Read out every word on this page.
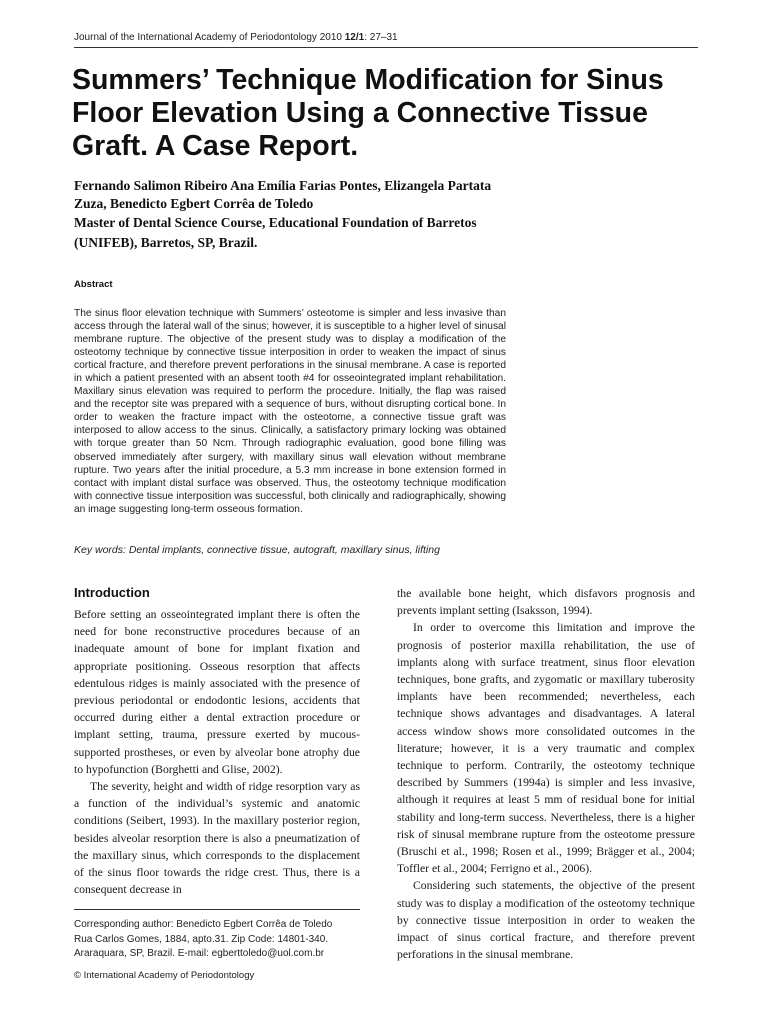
Journal of the International Academy of Periodontology 2010 12/1: 27–31
Summers’ Technique Modification for Sinus Floor Elevation Using a Connective Tissue Graft. A Case Report.
Fernando Salimon Ribeiro Ana Emília Farias Pontes, Elizangela Partata Zuza, Benedicto Egbert Corrêa de Toledo
Master of Dental Science Course, Educational Foundation of Barretos (UNIFEB), Barretos, SP, Brazil.
Abstract

The sinus floor elevation technique with Summers’ osteotome is simpler and less invasive than access through the lateral wall of the sinus; however, it is susceptible to a higher level of sinusal membrane rupture. The objective of the present study was to display a modification of the osteotomy technique by connective tissue interposition in order to weaken the impact of sinus cortical fracture, and therefore prevent perforations in the sinusal membrane. A case is reported in which a patient presented with an absent tooth #4 for osseointegrated implant rehabilitation. Maxillary sinus elevation was required to perform the procedure. Initially, the flap was raised and the receptor site was prepared with a sequence of burs, without disrupting cortical bone. In order to weaken the fracture impact with the osteotome, a connective tissue graft was interposed to allow access to the sinus. Clinically, a satisfactory primary locking was obtained with torque greater than 50 Ncm. Through radiographic evaluation, good bone filling was observed immediately after surgery, with maxillary sinus wall elevation without membrane rupture. Two years after the initial procedure, a 5.3 mm increase in bone extension formed in contact with implant distal surface was observed. Thus, the osteotomy technique modification with connective tissue interposition was successful, both clinically and radiographically, showing an image suggesting long-term osseous formation.

Key words: Dental implants, connective tissue, autograft, maxillary sinus, lifting
Introduction

Before setting an osseointegrated implant there is often the need for bone reconstructive procedures because of an inadequate amount of bone for implant fixation and appropriate positioning. Osseous resorption that affects edentulous ridges is mainly associated with the presence of previous periodontal or endodontic lesions, accidents that occurred during either a dental extraction procedure or implant setting, trauma, pressure exerted by mucous-supported prostheses, or even by alveolar bone atrophy due to hypofunction (Borghetti and Glise, 2002).

The severity, height and width of ridge resorption vary as a function of the individual’s systemic and anatomic conditions (Seibert, 1993). In the maxillary posterior region, besides alveolar resorption there is also a pneumatization of the maxillary sinus, which corresponds to the displacement of the sinus floor towards the ridge crest. Thus, there is a consequent decrease in

the available bone height, which disfavors prognosis and prevents implant setting (Isaksson, 1994).

In order to overcome this limitation and improve the prognosis of posterior maxilla rehabilitation, the use of implants along with surface treatment, sinus floor elevation techniques, bone grafts, and zygomatic or maxillary tuberosity implants have been recommended; nevertheless, each technique shows advantages and disadvantages. A lateral access window shows more consolidated outcomes in the literature; however, it is a very traumatic and complex technique to perform. Contrarily, the osteotomy technique described by Summers (1994a) is simpler and less invasive, although it requires at least 5 mm of residual bone for initial stability and long-term success. Nevertheless, there is a higher risk of sinusal membrane rupture from the osteotome pressure (Bruschi et al., 1998; Rosen et al., 1999; Brägger et al., 2004; Toffler et al., 2004; Ferrigno et al., 2006).

Considering such statements, the objective of the present study was to display a modification of the osteotomy technique by connective tissue interposition in order to weaken the impact of sinus cortical fracture, and therefore prevent perforations in the sinusal membrane.

Corresponding author: Benedicto Egbert Corrêa de Toledo
Rua Carlos Gomes, 1884, apto.31. Zip Code: 14801-340.
Araraquara, SP, Brazil. E-mail: egberttoledo@uol.com.br
© International Academy of Periodontology
